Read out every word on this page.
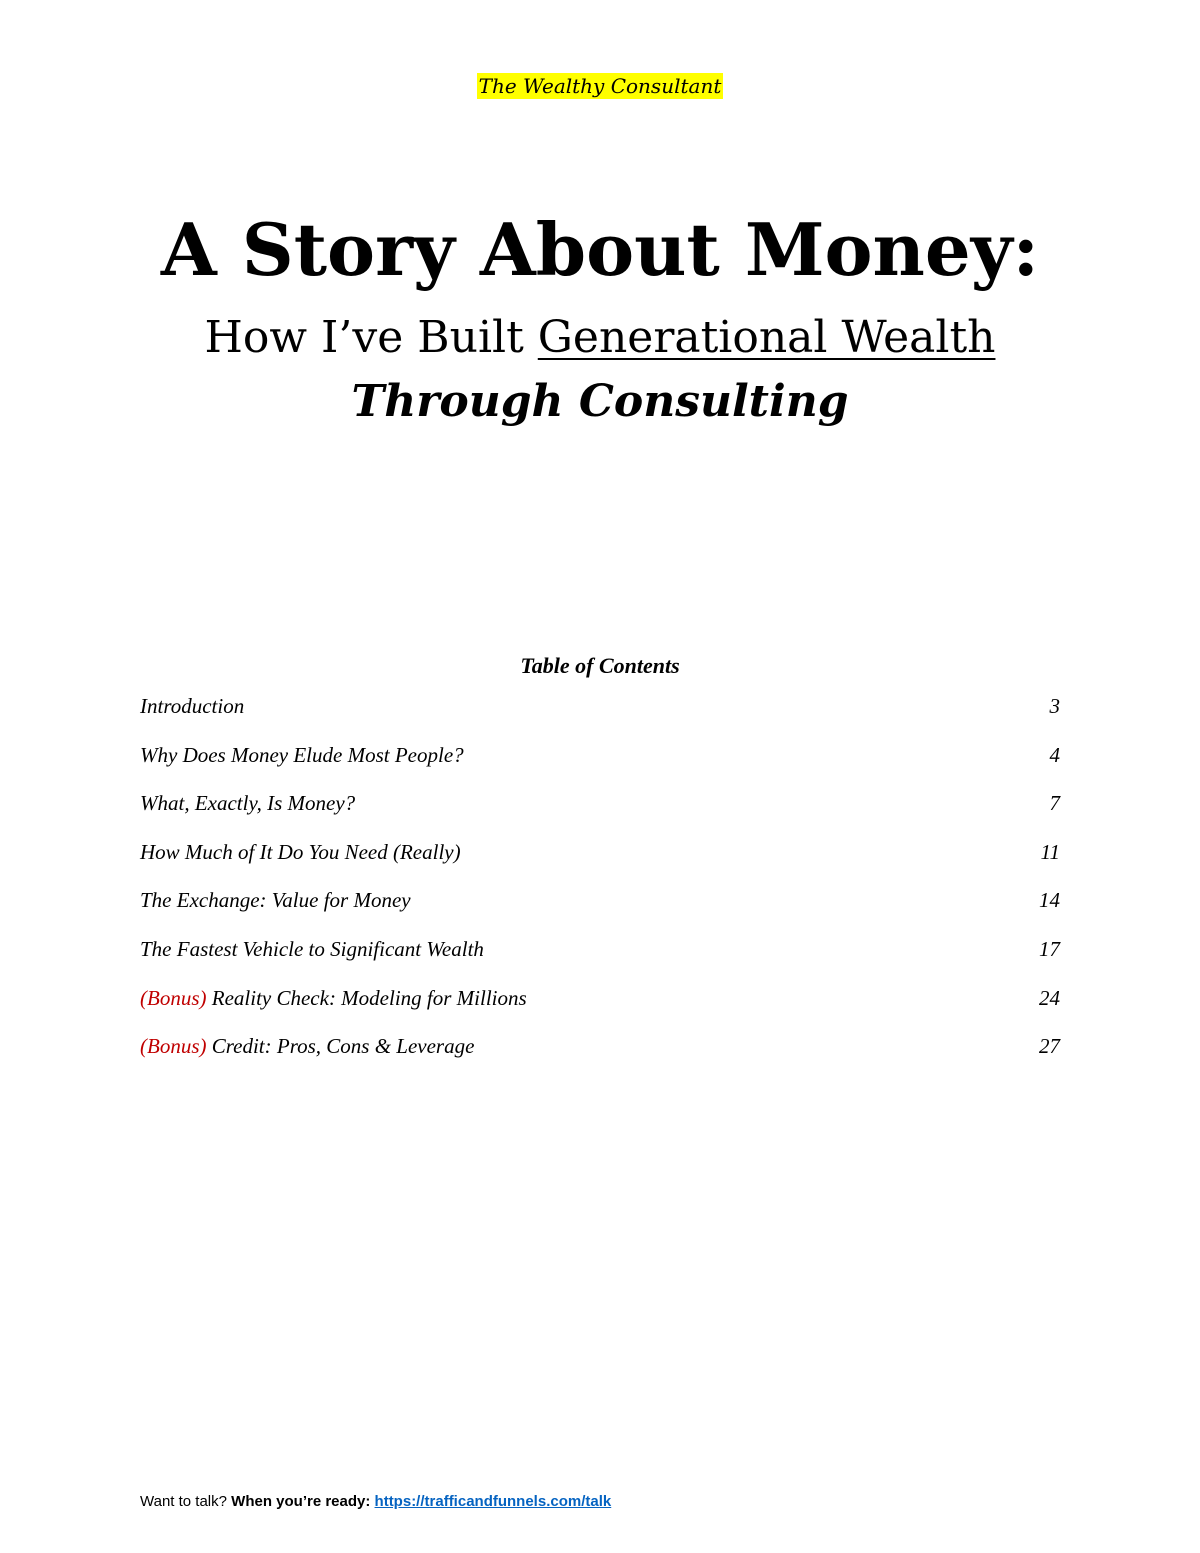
The Wealthy Consultant
A Story About Money:
How I’ve Built Generational Wealth
Through Consulting
Table of Contents
Introduction	3
Why Does Money Elude Most People?	4
What, Exactly, Is Money?	7
How Much of It Do You Need (Really)	11
The Exchange: Value for Money	14
The Fastest Vehicle to Significant Wealth	17
(Bonus) Reality Check: Modeling for Millions	24
(Bonus) Credit: Pros, Cons & Leverage	27
Want to talk? When you’re ready: https://trafficandfunnels.com/talk
